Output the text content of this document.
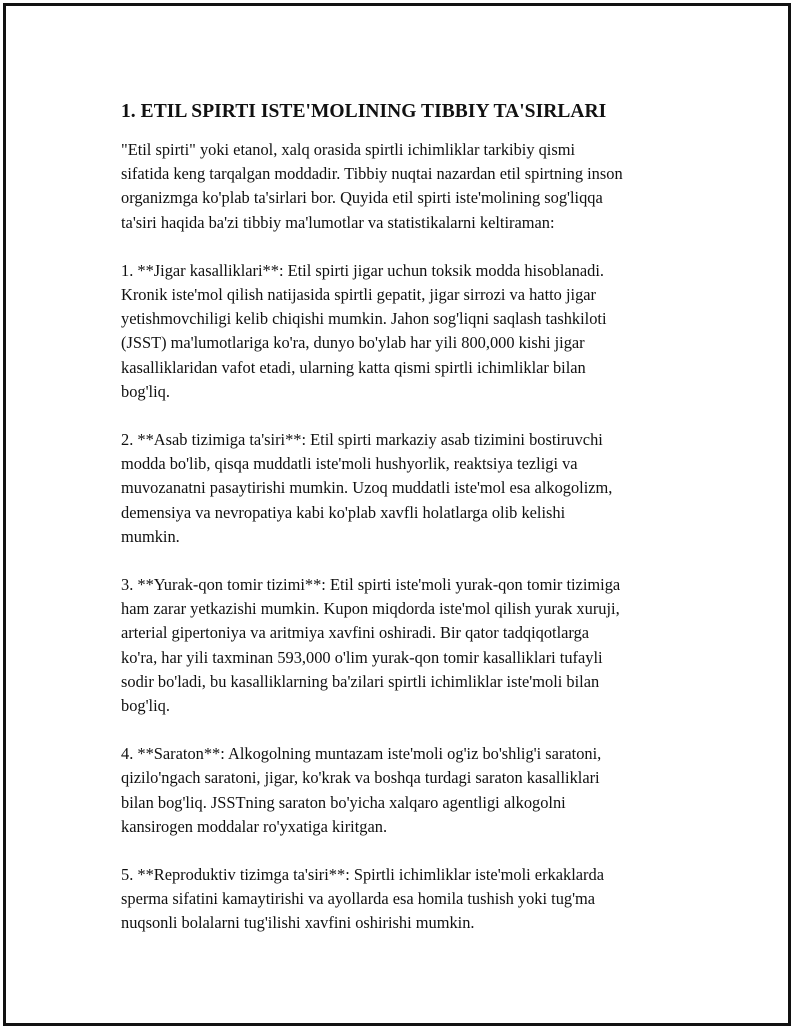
1. ETIL SPIRTI ISTE'MOLINING TIBBIY TA'SIRLARI

"Etil spirti" yoki etanol, xalq orasida spirtli ichimliklar tarkibiy qismi
sifatida keng tarqalgan moddadir. Tibbiy nuqtai nazardan etil spirtning inson
organizmga ko'plab ta'sirlari bor. Quyida etil spirti iste'molining sog'liqqa
ta'siri haqida ba'zi tibbiy ma'lumotlar va statistikalarni keltiraman:

1. **Jigar kasalliklari**: Etil spirti jigar uchun toksik modda hisoblanadi.
Kronik iste'mol qilish natijasida spirtli gepatit, jigar sirrozi va hatto jigar
yetishmovchiligi kelib chiqishi mumkin. Jahon sog'liqni saqlash tashkiloti
(JSST) ma'lumotlariga ko'ra, dunyo bo'ylab har yili 800,000 kishi jigar
kasalliklaridan vafot etadi, ularning katta qismi spirtli ichimliklar bilan
bog'liq.

2. **Asab tizimiga ta'siri**: Etil spirti markaziy asab tizimini bostiruvchi
modda bo'lib, qisqa muddatli iste'moli hushyorlik, reaktsiya tezligi va
muvozanatni pasaytirishi mumkin. Uzoq muddatli iste'mol esa alkogolizm,
demensiya va nevropatiya kabi ko'plab xavfli holatlarga olib kelishi
mumkin.

3. **Yurak-qon tomir tizimi**: Etil spirti iste'moli yurak-qon tomir tizimiga
ham zarar yetkazishi mumkin. Kupon miqdorda iste'mol qilish yurak xuruji,
arterial gipertoniya va aritmiya xavfini oshiradi. Bir qator tadqiqotlarga
ko'ra, har yili taxminan 593,000 o'lim yurak-qon tomir kasalliklari tufayli
sodir bo'ladi, bu kasalliklarning ba'zilari spirtli ichimliklar iste'moli bilan
bog'liq.

4. **Saraton**: Alkogolning muntazam iste'moli og'iz bo'shlig'i saratoni,
qizilo'ngach saratoni, jigar, ko'krak va boshqa turdagi saraton kasalliklari
bilan bog'liq. JSSTning saraton bo'yicha xalqaro agentligi alkogolni
kansirogen moddalar ro'yxatiga kiritgan.

5. **Reproduktiv tizimga ta'siri**: Spirtli ichimliklar iste'moli erkaklarda
sperma sifatini kamaytirishi va ayollarda esa homila tushish yoki tug'ma
nuqsonli bolalarni tug'ilishi xavfini oshirishi mumkin.
